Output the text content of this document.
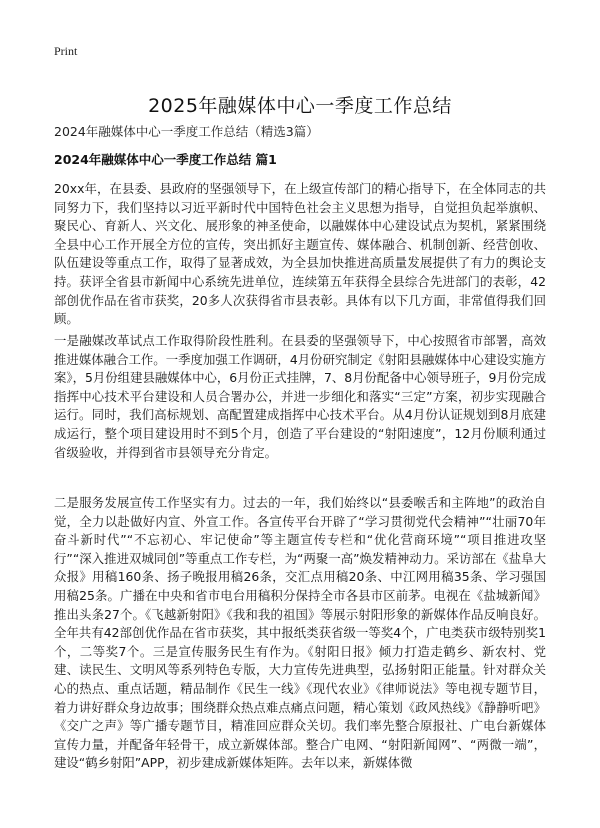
Print
2025年融媒体中心一季度工作总结
2024年融媒体中心一季度工作总结（精选3篇）
2024年融媒体中心一季度工作总结 篇1

20xx年，在县委、县政府的坚强领导下，在上级宣传部门的精心指导下，在全体同志的共同努力下，我们坚持以习近平新时代中国特色社会主义思想为指导，自觉担负起举旗帜、聚民心、育新人、兴文化、展形象的神圣使命，以融媒体中心建设试点为契机，紧紧围绕全县中心工作开展全方位的宣传，突出抓好主题宣传、媒体融合、机制创新、经营创收、队伍建设等重点工作，取得了显著成效，为全县加快推进高质量发展提供了有力的舆论支持。获评全省县市新闻中心系统先进单位，连续第五年获得全县综合先进部门的表彰，42部创优作品在省市获奖，20多人次获得省市县表彰。具体有以下几方面，非常值得我们回顾。

一是融媒改革试点工作取得阶段性胜利。在县委的坚强领导下，中心按照省市部署，高效推进媒体融合工作。一季度加强工作调研，4月份研究制定《射阳县融媒体中心建设实施方案》，5月份组建县融媒体中心，6月份正式挂牌，7、8月份配备中心领导班子，9月份完成指挥中心技术平台建设和人员合署办公，并进一步细化和落实“三定”方案，初步实现融合运行。同时，我们高标规划、高配置建成指挥中心技术平台。从4月份认证规划到8月底建成运行，整个项目建设用时不到5个月，创造了平台建设的“射阳速度”，12月份顺利通过省级验收，并得到省市县领导充分肯定。

二是服务发展宣传工作坚实有力。过去的一年，我们始终以“县委喉舌和主阵地”的政治自觉，全力以赴做好内宣、外宣工作。各宣传平台开辟了“学习贯彻党代会精神”“壮丽70年奋斗新时代”“不忘初心、牢记使命”等主题宣传专栏和“优化营商环境”“项目推进攻坚行”“深入推进双城同创”等重点工作专栏，为“两聚一高”焕发精神动力。采访部在《盐阜大众报》用稿160条、扬子晚报用稿26条，交汇点用稿20条、中江网用稿35条、学习强国用稿25条。广播在中央和省市电台用稿积分保持全市各县市区前茅。电视在《盐城新闻》推出头条27个。《飞越新射阳》《我和我的祖国》等展示射阳形象的新媒体作品反响良好。全年共有42部创优作品在省市获奖，其中报纸类获省级一等奖4个，广电类获市级特别奖1个，二等奖7个。三是宣传服务民生有作为。《射阳日报》倾力打造走鹤乡、新农村、党建、读民生、文明风等系列特色专版，大力宣传先进典型，弘扬射阳正能量。针对群众关心的热点、重点话题，精品制作《民生一线》《现代农业》《律师说法》等电视专题节目，着力讲好群众身边故事；围绕群众热点难点痛点问题，精心策划《政风热线》《静静听吧》《交广之声》等广播专题节目，精准回应群众关切。我们率先整合原报社、广电台新媒体宣传力量，并配备年轻骨干，成立新媒体部。整合广电网、“射阳新闻网”、“两微一端”，建设“鹤乡射阳”APP，初步建成新媒体矩阵。去年以来，新媒体微
